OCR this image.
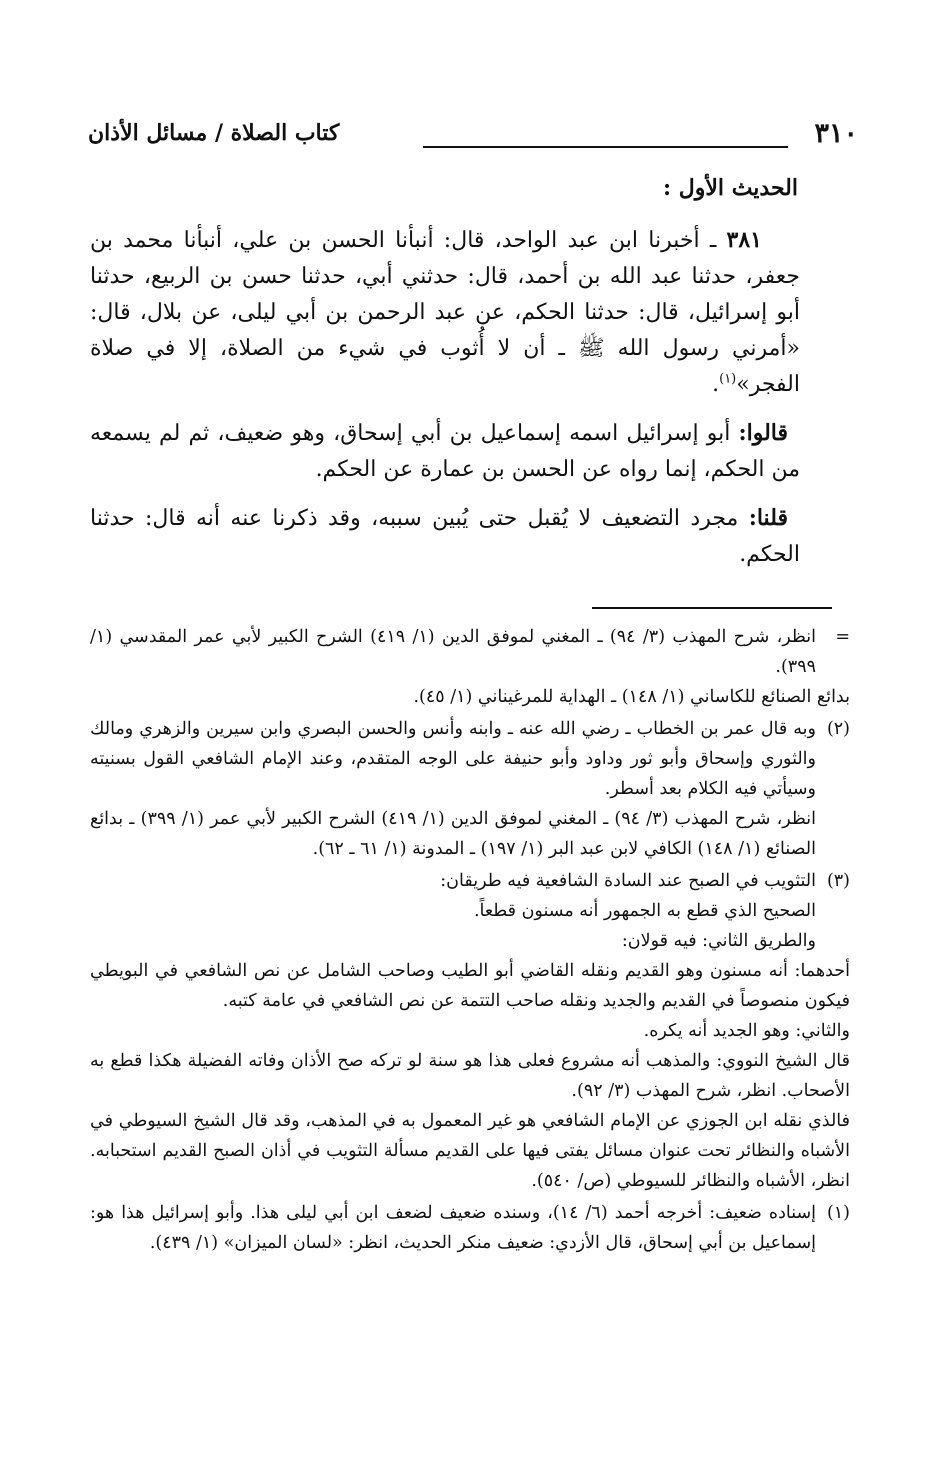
٣١٠
كتاب الصلاة / مسائل الأذان

الحديث الأول :

٣٨١ ـ أخبرنا ابن عبد الواحد، قال: أنبأنا الحسن بن علي، أنبأنا محمد بن جعفر، حدثنا عبد الله بن أحمد، قال: حدثني أبي، حدثنا حسن بن الربيع، حدثنا أبو إسرائيل، قال: حدثنا الحكم، عن عبد الرحمن بن أبي ليلى، عن بلال، قال: «أمرني رسول الله ﷺ ـ أن لا أُثوب في شيء من الصلاة، إلا في صلاة الفجر»$^{(١)}$.

قالوا: أبو إسرائيل اسمه إسماعيل بن أبي إسحاق، وهو ضعيف، ثم لم يسمعه من الحكم، إنما رواه عن الحسن بن عمارة عن الحكم.

قلنا: مجرد التضعيف لا يُقبل حتى يُبين سببه، وقد ذكرنا عنه أنه قال: حدثنا الحكم.

=
انظر، شرح المهذب (٣/ ٩٤) ـ المغني لموفق الدين (١/ ٤١٩) الشرح الكبير لأبي عمر المقدسي (١/ ٣٩٩).
بدائع الصنائع للكاساني (١/ ١٤٨) ـ الهداية للمرغيناني (١/ ٤٥).
(٢)
وبه قال عمر بن الخطاب ـ رضي الله عنه ـ وابنه وأنس والحسن البصري وابن سيرين والزهري ومالك والثوري وإسحاق وأبو ثور وداود وأبو حنيفة على الوجه المتقدم، وعند الإمام الشافعي القول بسنيته وسيأتي فيه الكلام بعد أسطر.
انظر، شرح المهذب (٣/ ٩٤) ـ المغني لموفق الدين (١/ ٤١٩) الشرح الكبير لأبي عمر (١/ ٣٩٩) ـ بدائع الصنائع (١/ ١٤٨) الكافي لابن عبد البر (١/ ١٩٧) ـ المدونة (١/ ٦١ ـ ٦٢).
(٣)
التثويب في الصبح عند السادة الشافعية فيه طريقان:
الصحيح الذي قطع به الجمهور أنه مسنون قطعاً.
والطريق الثاني: فيه قولان:
أحدهما: أنه مسنون وهو القديم ونقله القاضي أبو الطيب وصاحب الشامل عن نص الشافعي في البويطي فيكون منصوصاً في القديم والجديد ونقله صاحب التتمة عن نص الشافعي في عامة كتبه.
والثاني: وهو الجديد أنه يكره.
قال الشيخ النووي: والمذهب أنه مشروع فعلى هذا هو سنة لو تركه صح الأذان وفاته الفضيلة هكذا قطع به الأصحاب. انظر، شرح المهذب (٣/ ٩٢).
فالذي نقله ابن الجوزي عن الإمام الشافعي هو غير المعمول به في المذهب، وقد قال الشيخ السيوطي في الأشباه والنظائر تحت عنوان مسائل يفتى فيها على القديم مسألة التثويب في أذان الصبح القديم استحبابه. انظر، الأشباه والنظائر للسيوطي (ص/ ٥٤٠).
(١)
إسناده ضعيف: أخرجه أحمد (٦/ ١٤)، وسنده ضعيف لضعف ابن أبي ليلى هذا. وأبو إسرائيل هذا هو: إسماعيل بن أبي إسحاق، قال الأزدي: ضعيف منكر الحديث، انظر: «لسان الميزان» (١/ ٤٣٩).
